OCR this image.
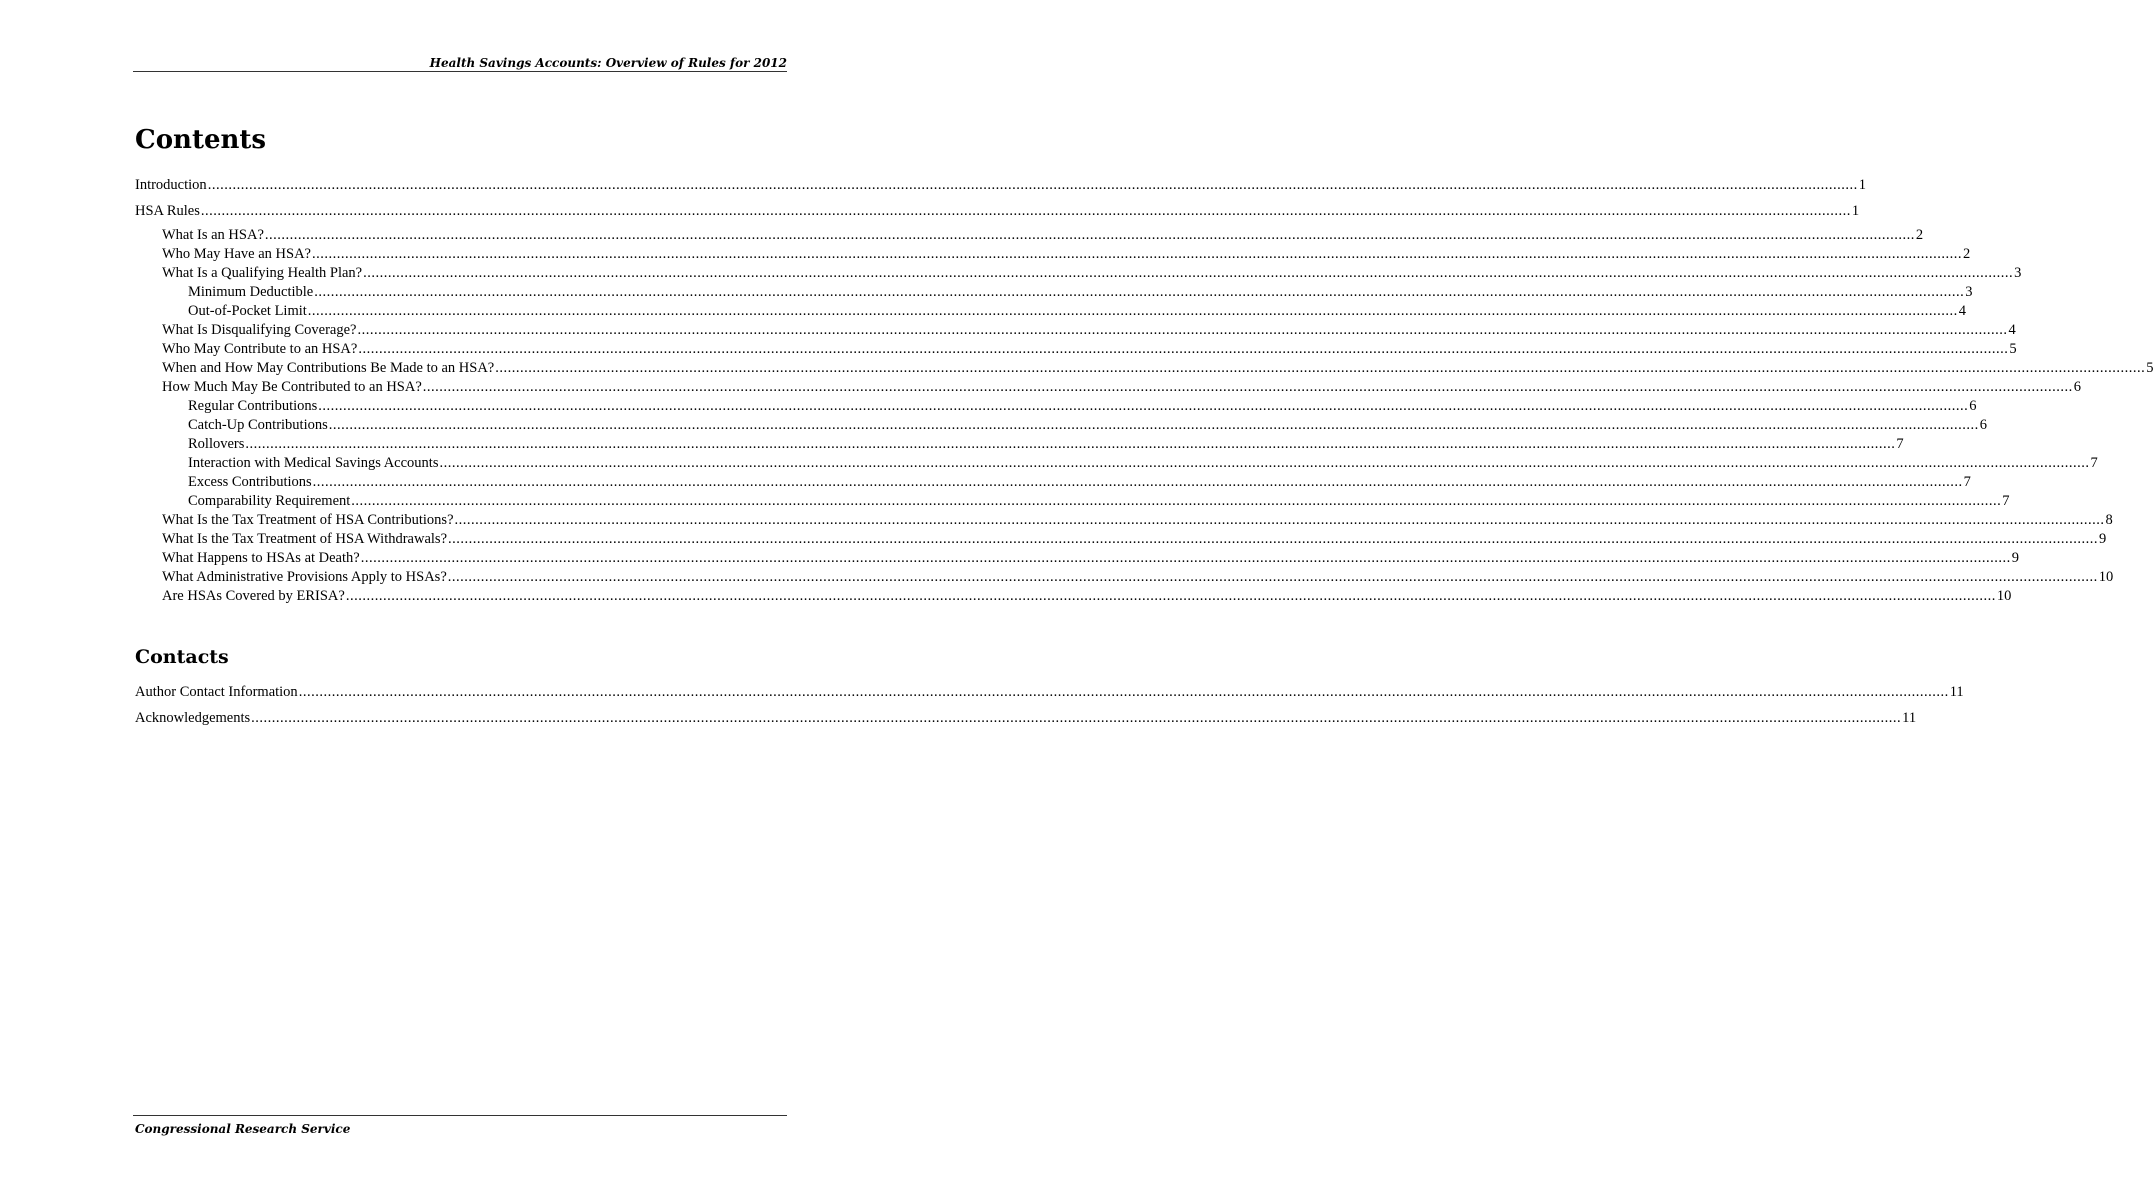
Health Savings Accounts: Overview of Rules for 2012
Contents
Introduction ................................................................................................................................................................................................................................................................................................................................................................................................................ 1
HSA Rules ................................................................................................................................................................................................................................................................................................................................................................................................................ 1
What Is an HSA? ................................................................................................................................................................................................................................................................................................................................................................................................................ 2
Who May Have an HSA? ................................................................................................................................................................................................................................................................................................................................................................................................................ 2
What Is a Qualifying Health Plan? ................................................................................................................................................................................................................................................................................................................................................................................................................ 3
Minimum Deductible ................................................................................................................................................................................................................................................................................................................................................................................................................ 3
Out-of-Pocket Limit ................................................................................................................................................................................................................................................................................................................................................................................................................ 4
What Is Disqualifying Coverage? ................................................................................................................................................................................................................................................................................................................................................................................................................ 4
Who May Contribute to an HSA? ................................................................................................................................................................................................................................................................................................................................................................................................................ 5
When and How May Contributions Be Made to an HSA? ................................................................................................................................................................................................................................................................................................................................................................................................................ 5
How Much May Be Contributed to an HSA? ................................................................................................................................................................................................................................................................................................................................................................................................................ 6
Regular Contributions ................................................................................................................................................................................................................................................................................................................................................................................................................ 6
Catch-Up Contributions ................................................................................................................................................................................................................................................................................................................................................................................................................ 6
Rollovers ................................................................................................................................................................................................................................................................................................................................................................................................................ 7
Interaction with Medical Savings Accounts ................................................................................................................................................................................................................................................................................................................................................................................................................ 7
Excess Contributions ................................................................................................................................................................................................................................................................................................................................................................................................................ 7
Comparability Requirement ................................................................................................................................................................................................................................................................................................................................................................................................................ 7
What Is the Tax Treatment of HSA Contributions? ................................................................................................................................................................................................................................................................................................................................................................................................................ 8
What Is the Tax Treatment of HSA Withdrawals? ................................................................................................................................................................................................................................................................................................................................................................................................................ 9
What Happens to HSAs at Death? ................................................................................................................................................................................................................................................................................................................................................................................................................ 9
What Administrative Provisions Apply to HSAs? ................................................................................................................................................................................................................................................................................................................................................................................................................ 10
Are HSAs Covered by ERISA? ................................................................................................................................................................................................................................................................................................................................................................................................................ 10
Contacts
Author Contact Information ................................................................................................................................................................................................................................................................................................................................................................................................................ 11
Acknowledgements ................................................................................................................................................................................................................................................................................................................................................................................................................ 11
Congressional Research Service
